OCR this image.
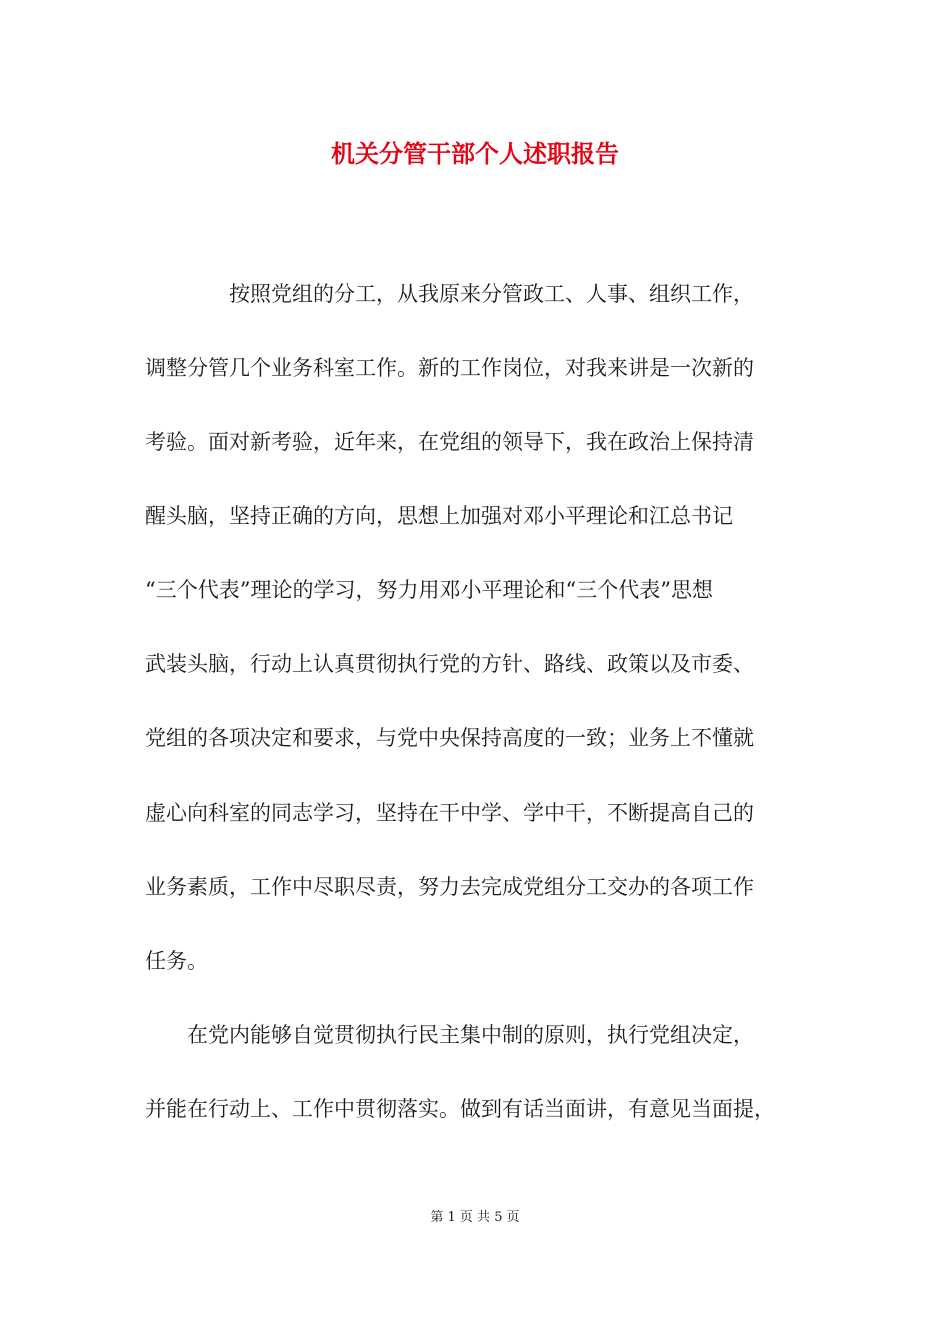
机关分管干部个人述职报告

　　　　按照党组的分工，从我原来分管政工、人事、组织工作，

调整分管几个业务科室工作。新的工作岗位，对我来讲是一次新的

考验。面对新考验，近年来，在党组的领导下，我在政治上保持清

醒头脑，坚持正确的方向，思想上加强对邓小平理论和江总书记

“三个代表”理论的学习，努力用邓小平理论和“三个代表”思想

武装头脑，行动上认真贯彻执行党的方针、路线、政策以及市委、

党组的各项决定和要求，与党中央保持高度的一致；业务上不懂就

虚心向科室的同志学习，坚持在干中学、学中干，不断提高自己的

业务素质，工作中尽职尽责，努力去完成党组分工交办的各项工作

任务。

　　在党内能够自觉贯彻执行民主集中制的原则，执行党组决定，

并能在行动上、工作中贯彻落实。做到有话当面讲，有意见当面提，

第 1 页 共 5 页
